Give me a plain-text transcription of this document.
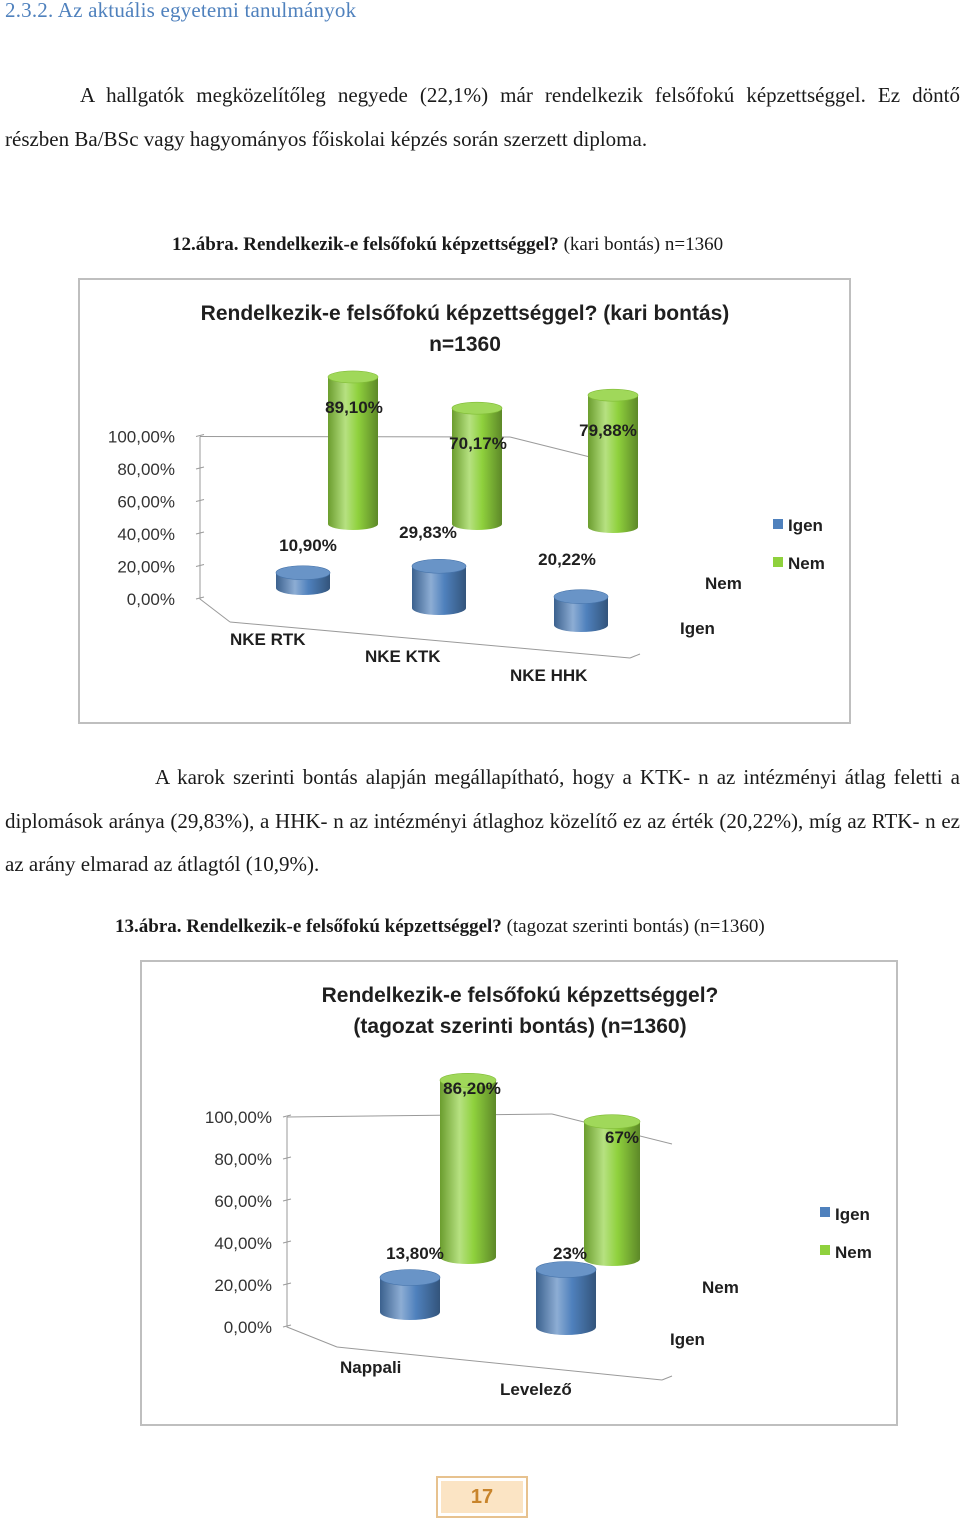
2.3.2. Az aktuális egyetemi tanulmányok
A hallgatók megközelítőleg negyede (22,1%) már rendelkezik felsőfokú képzettséggel. Ez döntő részben Ba/BSc vagy hagyományos főiskolai képzés során szerzett diploma.
12.ábra. Rendelkezik-e felsőfokú képzettséggel? (kari bontás) n=1360
Rendelkezik-e felsőfokú képzettséggel? (kari bontás)
n=1360
0,00%
20,00%
40,00%
60,00%
80,00%
100,00%
89,10%
70,17%
79,88%
10,90%
29,83%
20,22%
NKE RTK
NKE KTK
NKE HHK
Igen
Nem
Igen
Nem
A karok szerinti bontás alapján megállapítható, hogy a KTK- n az intézményi átlag feletti a diplomások aránya (29,83%), a HHK- n az intézményi átlaghoz közelítő ez az érték (20,22%), míg az RTK- n ez az arány elmarad az átlagtól (10,9%).
13.ábra. Rendelkezik-e felsőfokú képzettséggel? (tagozat szerinti bontás) (n=1360)
Rendelkezik-e felsőfokú képzettséggel?
(tagozat szerinti bontás) (n=1360)
0,00%
20,00%
40,00%
60,00%
80,00%
100,00%
86,20%
67%
13,80%	23%
Nappali
Levelező
Igen
Nem
Igen
Nem
17
